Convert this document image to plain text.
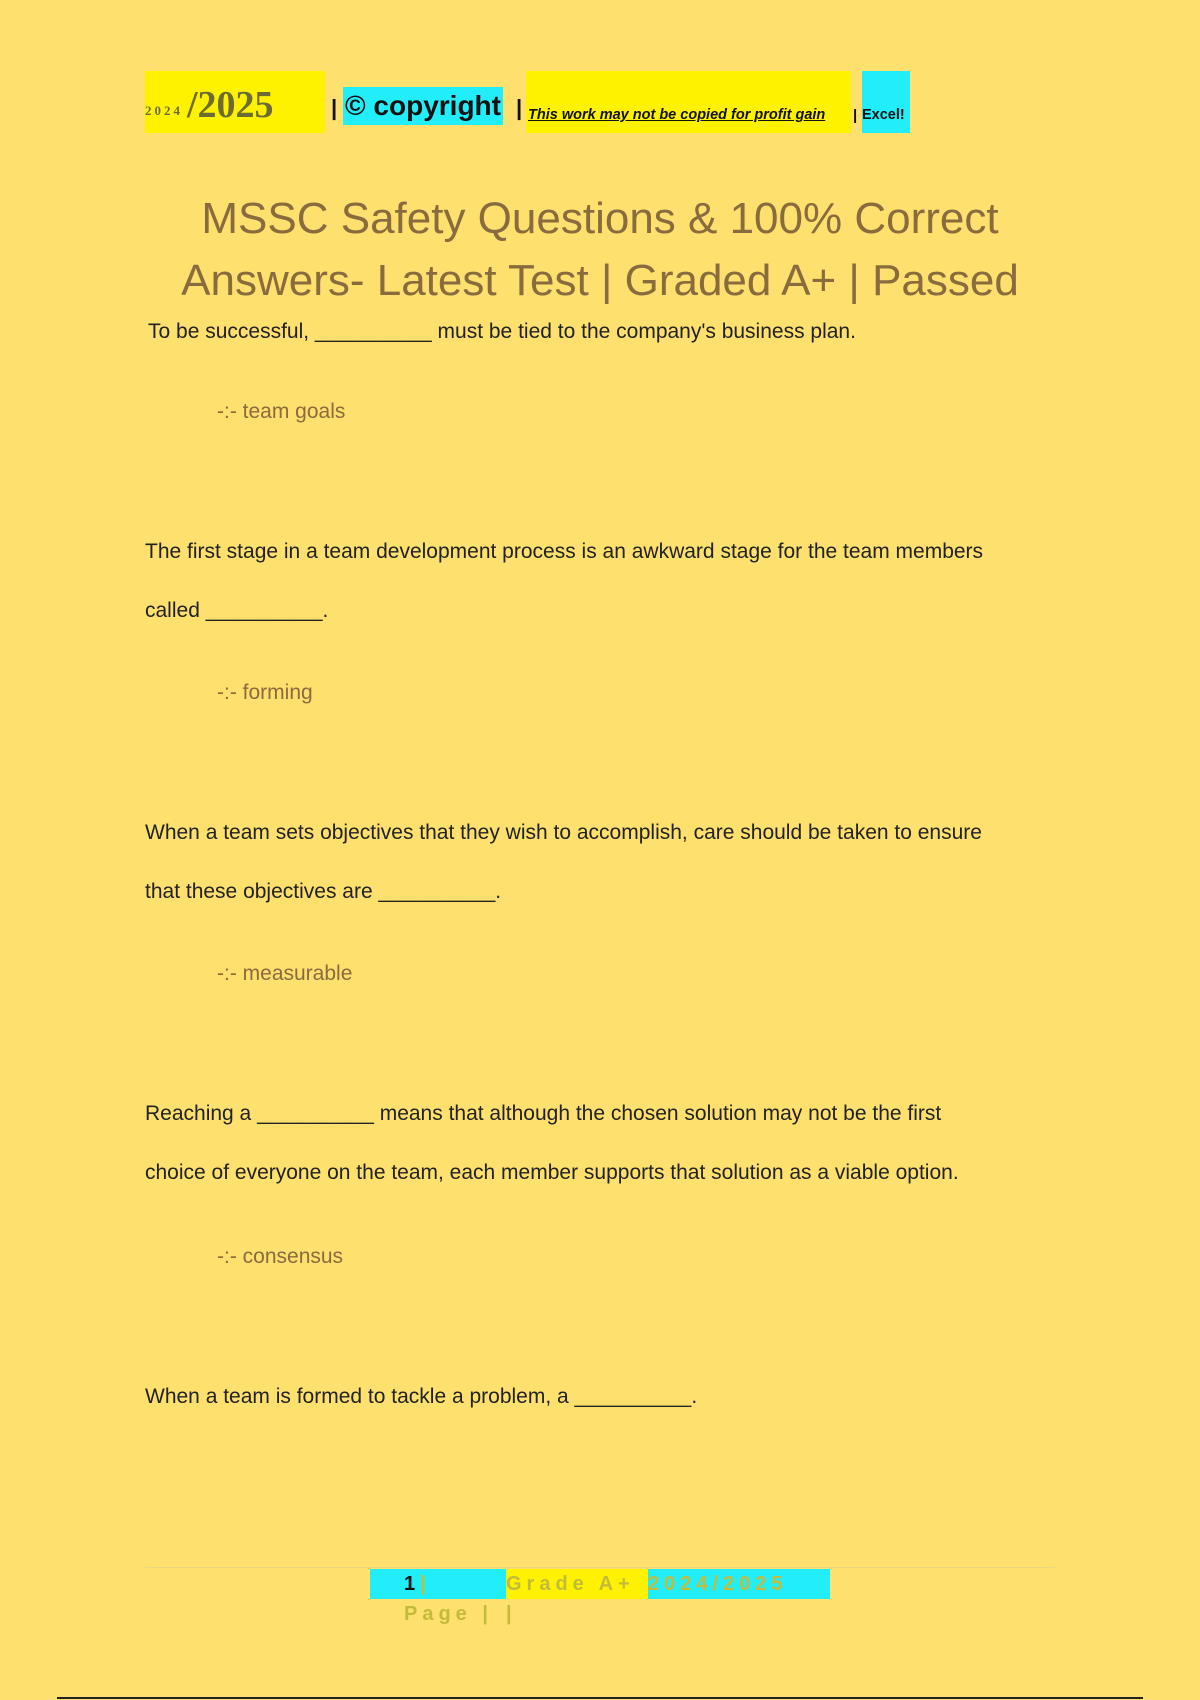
2024 /2025	| © copyright | This work may not be copied for profit gain | Excel!
MSSC Safety Questions & 100% Correct
Answers- Latest Test | Graded A+ | Passed
To be successful, __________ must be tied to the company's business plan.
-:- team goals
The first stage in a team development process is an awkward stage for the team members
called __________.
-:- forming
When a team sets objectives that they wish to accomplish, care should be taken to ensure
that these objectives are __________.
-:- measurable
Reaching a __________ means that although the chosen solution may not be the first
choice of everyone on the team, each member supports that solution as a viable option.
-:- consensus
When a team is formed to tackle a problem, a __________.
1| Page |
Grade A+ |
2024/2025
